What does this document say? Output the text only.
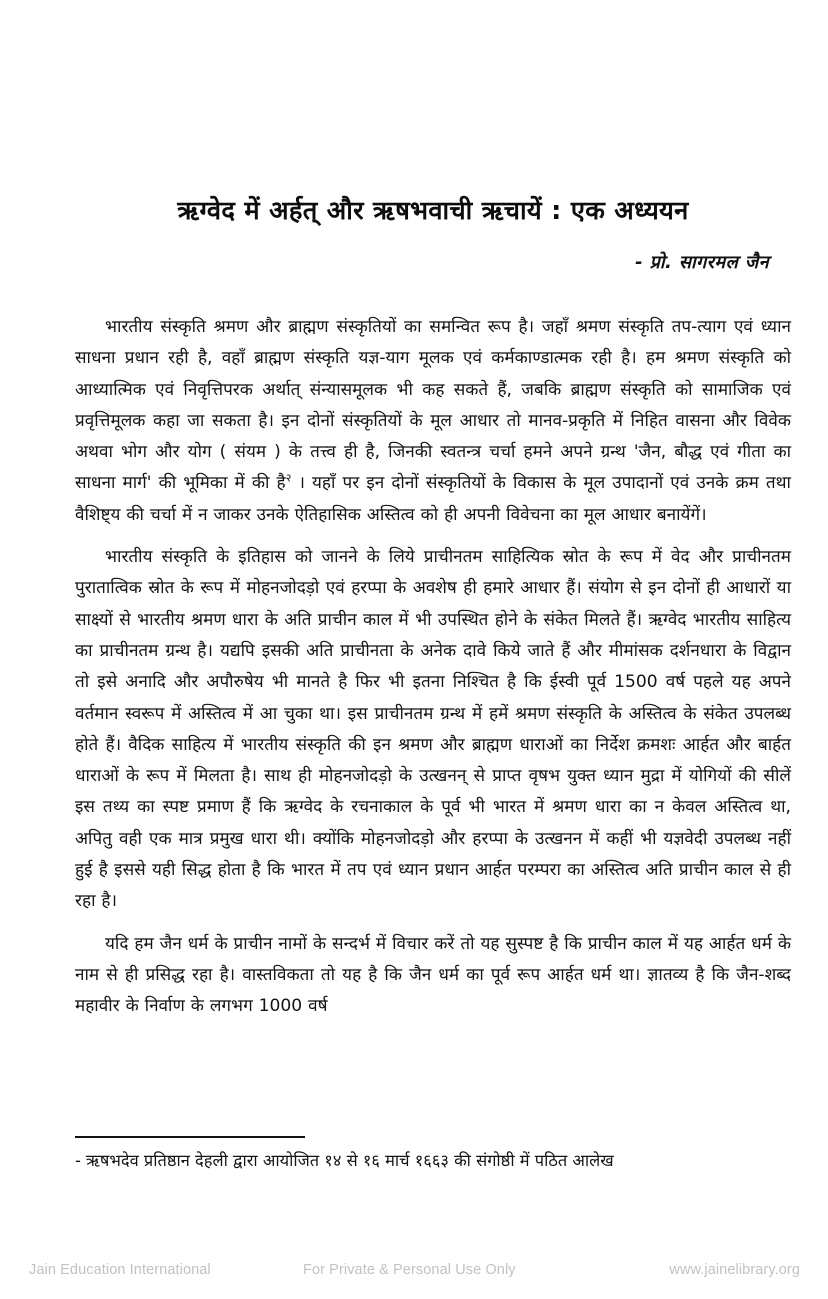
ऋग्वेद में अर्हत् और ऋषभवाची ऋचायें : एक अध्ययन
- प्रो. सागरमल जैन

भारतीय संस्कृति श्रमण और ब्राह्मण संस्कृतियों का समन्वित रूप है। जहाँ श्रमण संस्कृति तप-त्याग एवं ध्यान साधना प्रधान रही है, वहाँ ब्राह्मण संस्कृति यज्ञ-याग मूलक एवं कर्मकाण्डात्मक रही है। हम श्रमण संस्कृति को आध्यात्मिक एवं निवृत्तिपरक अर्थात् संन्यासमूलक भी कह सकते हैं, जबकि ब्राह्मण संस्कृति को सामाजिक एवं प्रवृत्तिमूलक कहा जा सकता है। इन दोनों संस्कृतियों के मूल आधार तो मानव-प्रकृति में निहित वासना और विवेक अथवा भोग और योग ( संयम ) के तत्त्व ही है, जिनकी स्वतन्त्र चर्चा हमने अपने ग्रन्थ 'जैन, बौद्ध एवं गीता का साधना मार्ग' की भूमिका में की है$^२$ । यहाँ पर इन दोनों संस्कृतियों के विकास के मूल उपादानों एवं उनके क्रम तथा वैशिष्ट्य की चर्चा में न जाकर उनके ऐतिहासिक अस्तित्व को ही अपनी विवेचना का मूल आधार बनायेंगें।

भारतीय संस्कृति के इतिहास को जानने के लिये प्राचीनतम साहित्यिक स्रोत के रूप में वेद और प्राचीनतम पुरातात्विक स्रोत के रूप में मोहनजोदड़ो एवं हरप्पा के अवशेष ही हमारे आधार हैं। संयोग से इन दोनों ही आधारों या साक्ष्यों से भारतीय श्रमण धारा के अति प्राचीन काल में भी उपस्थित होने के संकेत मिलते हैं। ऋग्वेद भारतीय साहित्य का प्राचीनतम ग्रन्थ है। यद्यपि इसकी अति प्राचीनता के अनेक दावे किये जाते हैं और मीमांसक दर्शनधारा के विद्वान तो इसे अनादि और अपौरुषेय भी मानते है फिर भी इतना निश्चित है कि ईस्वी पूर्व 1500 वर्ष पहले यह अपने वर्तमान स्वरूप में अस्तित्व में आ चुका था। इस प्राचीनतम ग्रन्थ में हमें श्रमण संस्कृति के अस्तित्व के संकेत उपलब्ध होते हैं। वैदिक साहित्य में भारतीय संस्कृति की इन श्रमण और ब्राह्मण धाराओं का निर्देश क्रमशः आर्हत और बार्हत धाराओं के रूप में मिलता है। साथ ही मोहनजोदड़ो के उत्खनन् से प्राप्त वृषभ युक्त ध्यान मुद्रा में योगियों की सीलें इस तथ्य का स्पष्ट प्रमाण हैं कि ऋग्वेद के रचनाकाल के पूर्व भी भारत में श्रमण धारा का न केवल अस्तित्व था, अपितु वही एक मात्र प्रमुख धारा थी। क्योंकि मोहनजोदड़ो और हरप्पा के उत्खनन में कहीं भी यज्ञवेदी उपलब्ध नहीं हुई है इससे यही सिद्ध होता है कि भारत में तप एवं ध्यान प्रधान आर्हत परम्परा का अस्तित्व अति प्राचीन काल से ही रहा है।

यदि हम जैन धर्म के प्राचीन नामों के सन्दर्भ में विचार करें तो यह सुस्पष्ट है कि प्राचीन काल में यह आर्हत धर्म के नाम से ही प्रसिद्ध रहा है। वास्तविकता तो यह है कि जैन धर्म का पूर्व रूप आर्हत धर्म था। ज्ञातव्य है कि जैन-शब्द महावीर के निर्वाण के लगभग 1000 वर्ष

- ऋषभदेव प्रतिष्ठान देहली द्वारा आयोजित १४ से १६ मार्च १६६३ की संगोष्ठी में पठित आलेख
Jain Education International	For Private & Personal Use Only	www.jainelibrary.org
